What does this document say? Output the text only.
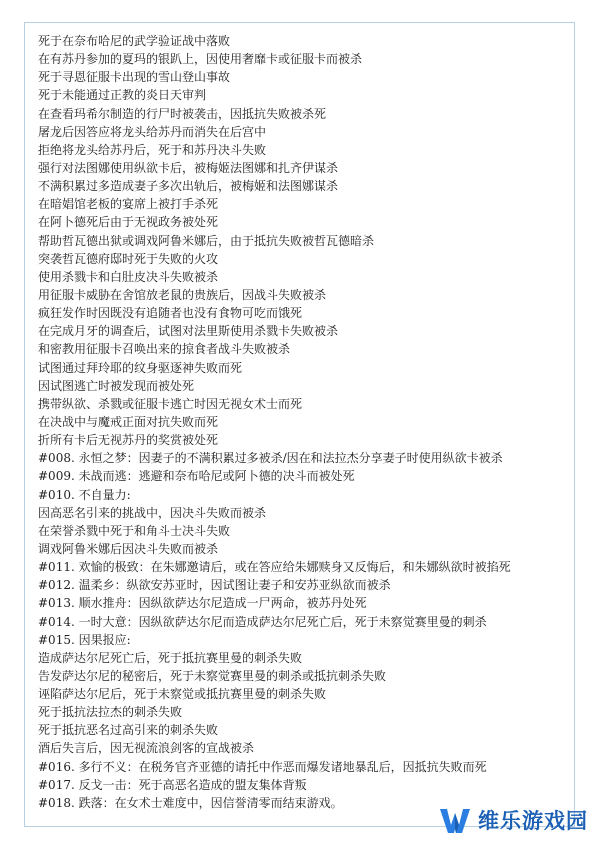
死于在奈布哈尼的武学验证战中落败
在有苏丹参加的夏玛的银趴上，因使用奢靡卡或征服卡而被杀
死于寻恩征服卡出现的雪山登山事故
死于未能通过正教的炎日天审判
在查看玛希尔制造的行尸时被袭击，因抵抗失败被杀死
屠龙后因答应将龙头给苏丹而消失在后宫中
拒绝将龙头给苏丹后，死于和苏丹决斗失败
强行对法图娜使用纵欲卡后，被梅姬法图娜和扎齐伊谋杀
不满积累过多造成妻子多次出轨后，被梅姬和法图娜谋杀
在暗娼馆老板的宴席上被打手杀死
在阿卜德死后由于无视政务被处死
帮助哲瓦德出狱或调戏阿鲁米娜后，由于抵抗失败被哲瓦德暗杀
突袭哲瓦德府邸时死于失败的火攻
使用杀戮卡和白肚皮决斗失败被杀
用征服卡威胁在舍馆放老鼠的贵族后，因战斗失败被杀
疯狂发作时因既没有追随者也没有食物可吃而饿死
在完成月牙的调查后，试图对法里斯使用杀戮卡失败被杀
和密教用征服卡召唤出来的掠食者战斗失败被杀
试图通过拜玲耶的纹身驱逐神失败而死
因试图逃亡时被发现而被处死
携带纵欲、杀戮或征服卡逃亡时因无视女术士而死
在决战中与魔戒正面对抗失败而死
折所有卡后无视苏丹的奖赏被处死
#008. 永恒之梦：因妻子的不满积累过多被杀/因在和法拉杰分享妻子时使用纵欲卡被杀
#009. 未战而逃：逃避和奈布哈尼或阿卜德的决斗而被处死
#010. 不自量力:
因高恶名引来的挑战中，因决斗失败而被杀
在荣誉杀戮中死于和角斗士决斗失败
调戏阿鲁米娜后因决斗失败而被杀
#011. 欢愉的极致：在朱娜邀请后，或在答应给朱娜赎身又反悔后，和朱娜纵欲时被掐死
#012. 温柔乡：纵欲安苏亚时，因试图让妻子和安苏亚纵欲而被杀
#013. 顺水推舟：因纵欲萨达尔尼造成一尸两命，被苏丹处死
#014. 一时大意：因纵欲萨达尔尼而造成萨达尔尼死亡后，死于未察觉赛里曼的刺杀
#015. 因果报应:
造成萨达尔尼死亡后，死于抵抗赛里曼的刺杀失败
告发萨达尔尼的秘密后，死于未察觉赛里曼的刺杀或抵抗刺杀失败
诬陷萨达尔尼后，死于未察觉或抵抗赛里曼的刺杀失败
死于抵抗法拉杰的刺杀失败
死于抵抗恶名过高引来的刺杀失败
酒后失言后，因无视流浪剑客的宣战被杀
#016. 多行不义：在税务官齐亚德的请托中作恶而爆发诸地暴乱后，因抵抗失败而死
#017. 反戈一击：死于高恶名造成的盟友集体背叛
#018. 跌落：在女术士难度中，因信誉清零而结束游戏。
维乐游戏园
